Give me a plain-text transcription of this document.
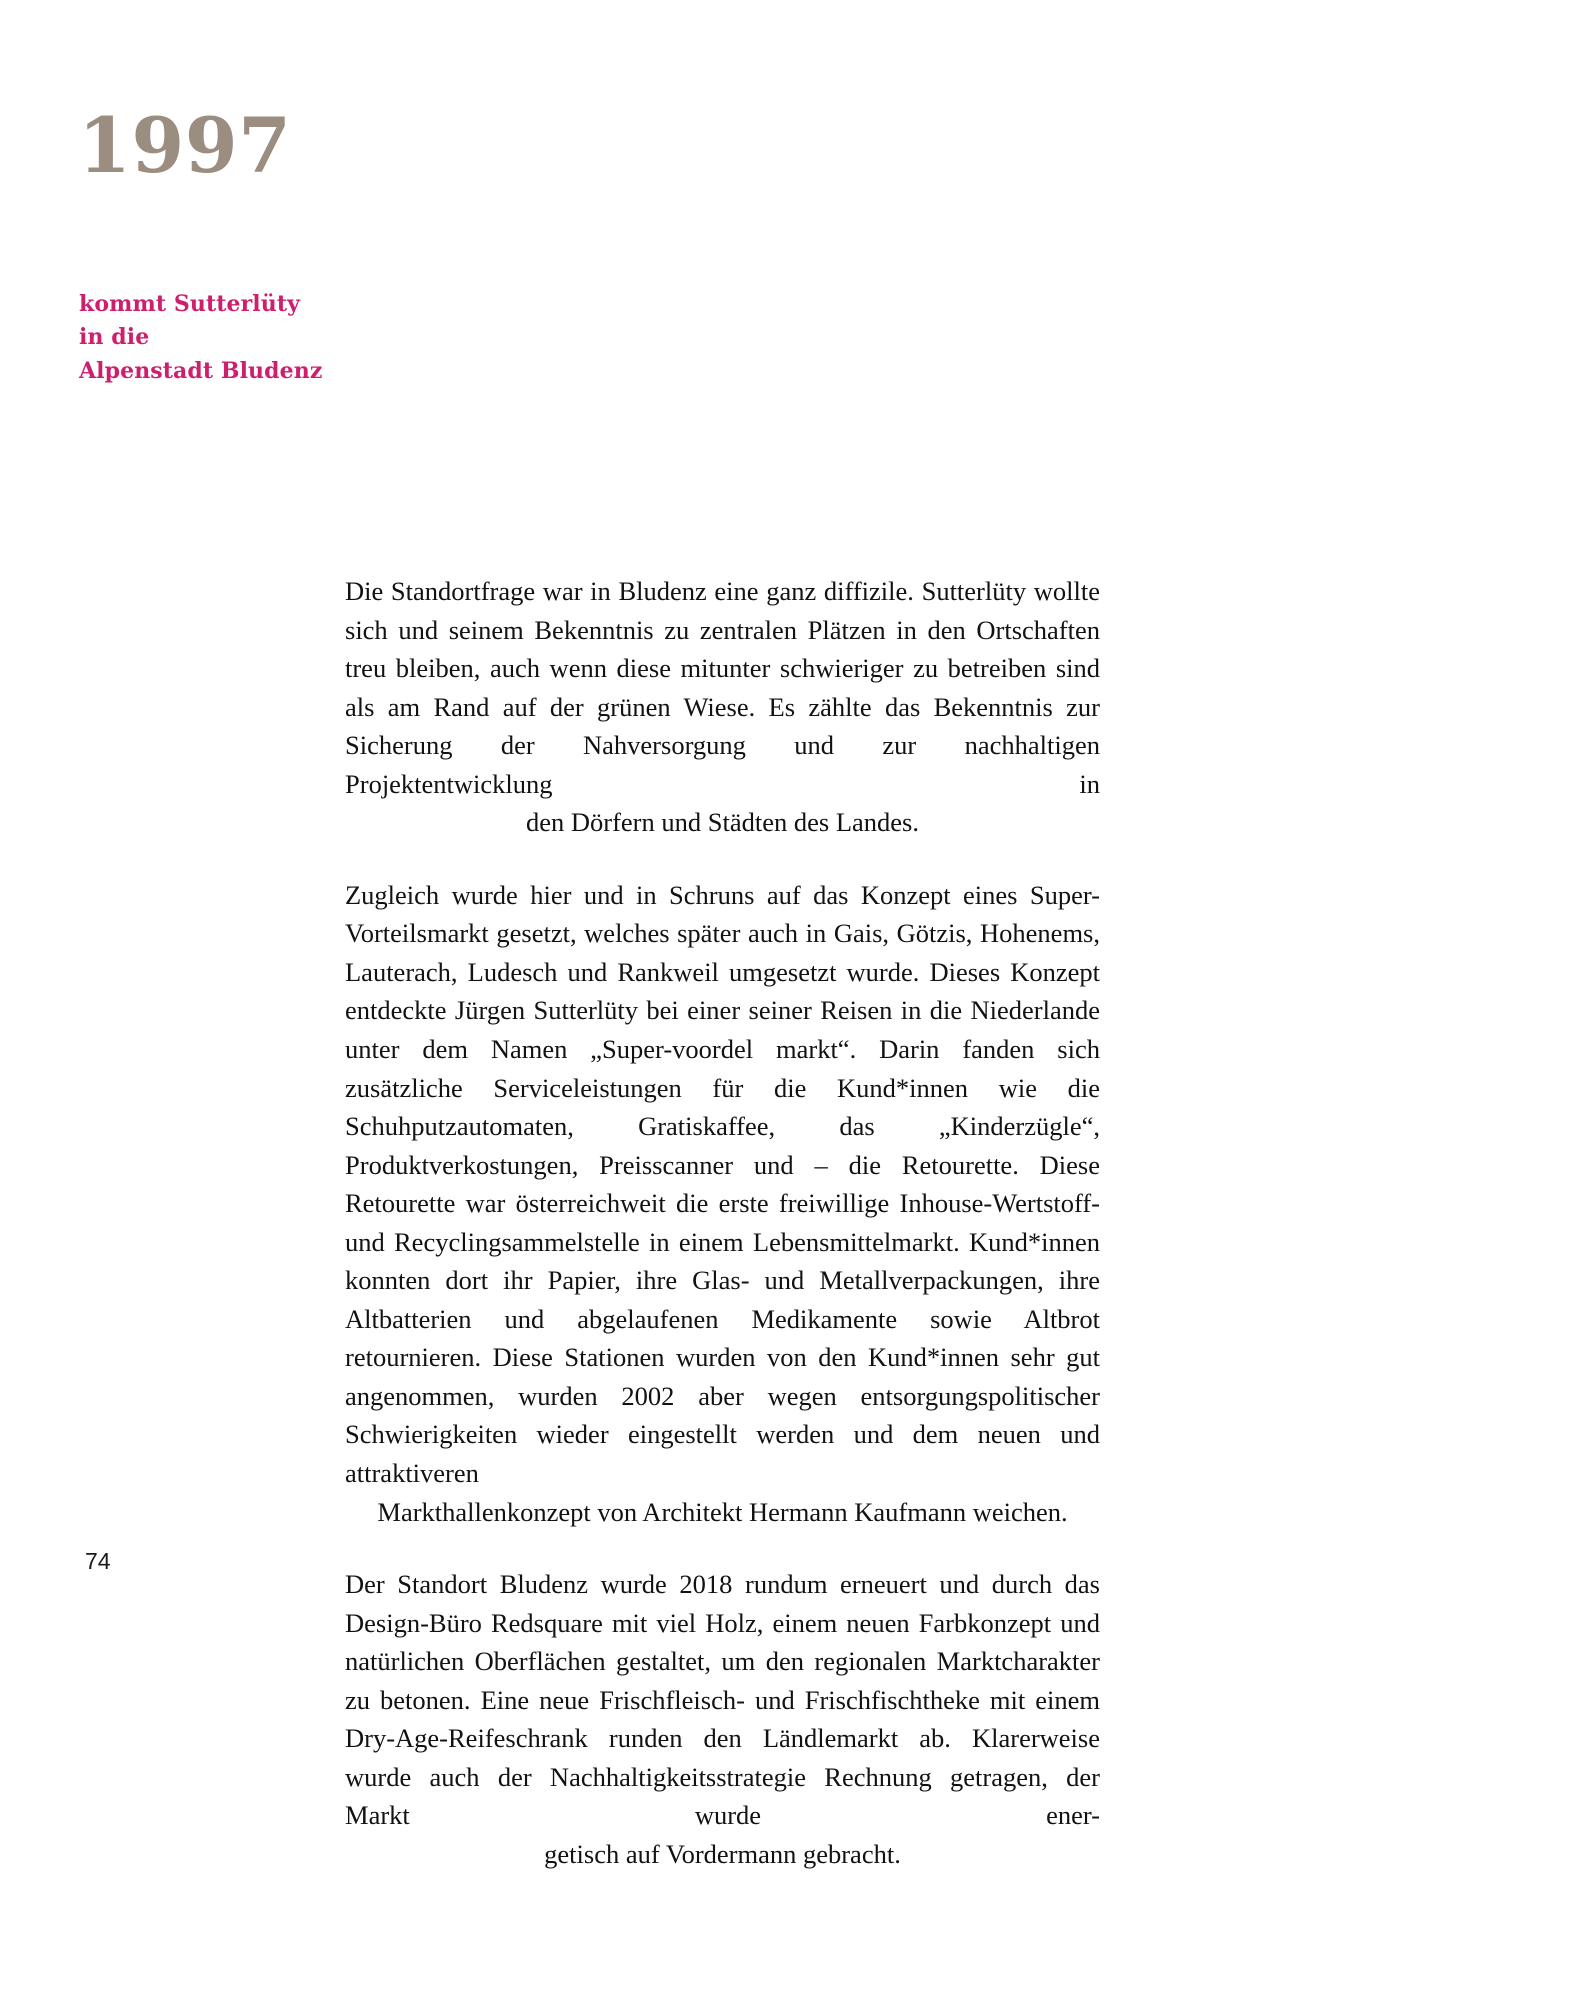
1997
kommt Sutterlüty
in die
Alpenstadt Bludenz
74
Die Standortfrage war in Bludenz eine ganz diffizile. Sutterlüty wollte sich und seinem Bekenntnis zu zentralen Plätzen in den Ortschaften treu bleiben, auch wenn diese mitunter schwieriger zu betreiben sind als am Rand auf der grünen Wiese. Es zählte das Bekenntnis zur Sicherung der Nahversorgung und zur nachhaltigen Projektentwicklung in
den Dörfern und Städten des Landes.
Zugleich wurde hier und in Schruns auf das Konzept eines Super-Vorteilsmarkt gesetzt, welches später auch in Gais, Götzis, Hohenems, Lauterach, Ludesch und Rankweil umgesetzt wurde. Dieses Konzept entdeckte Jürgen Sutterlüty bei einer seiner Reisen in die Niederlande unter dem Namen „Super-voordel markt“. Darin fanden sich zusätzliche Serviceleistungen für die Kund*innen wie die Schuhputzautomaten, Gratiskaffee, das „Kinderzügle“, Produktverkostungen, Preisscanner und – die Retourette. Diese Retourette war österreichweit die erste freiwillige Inhouse-Wertstoff- und Recyclingsammelstelle in einem Lebensmittelmarkt. Kund*innen konnten dort ihr Papier, ihre Glas- und Metallverpackungen, ihre Altbatterien und abgelaufenen Medikamente sowie Altbrot retournieren. Diese Stationen wurden von den Kund*innen sehr gut angenommen, wurden 2002 aber wegen entsorgungspolitischer Schwierigkeiten wieder eingestellt werden und dem neuen und attraktiveren
Markthallenkonzept von Architekt Hermann Kaufmann weichen.
Der Standort Bludenz wurde 2018 rundum erneuert und durch das Design-Büro Redsquare mit viel Holz, einem neuen Farbkonzept und natürlichen Oberflächen gestaltet, um den regionalen Marktcharakter zu betonen. Eine neue Frischfleisch- und Frischfischtheke mit einem Dry-Age-Reifeschrank runden den Ländlemarkt ab. Klarerweise wurde auch der Nachhaltigkeitsstrategie Rechnung getragen, der Markt wurde ener-
getisch auf Vordermann gebracht.
